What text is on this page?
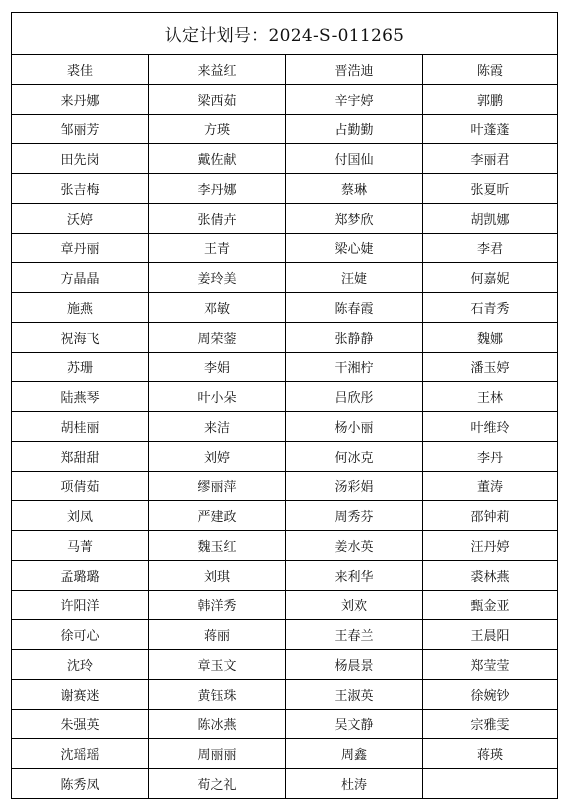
认定计划号：2024-S-011265
裘佳	来益红	晋浩迪	陈霞
来丹娜	梁西茹	辛宇婷	郭鹏
邹丽芳	方瑛	占勤勤	叶蓬蓬
田先岗	戴佐献	付国仙	李丽君
张吉梅	李丹娜	蔡琳	张夏昕
沃婷	张倩卉	郑梦欣	胡凯娜
章丹丽	王青	梁心婕	李君
方晶晶	姜玲美	汪婕	何嘉妮
施燕	邓敏	陈春霞	石青秀
祝海飞	周荣蓥	张静静	魏娜
苏珊	李娟	干湘柠	潘玉婷
陆燕琴	叶小朵	吕欣彤	王林
胡桂丽	来洁	杨小丽	叶维玲
郑甜甜	刘婷	何冰克	李丹
项倩茹	缪丽萍	汤彩娟	董涛
刘凤	严建政	周秀芬	邵钟莉
马菁	魏玉红	姜水英	汪丹婷
孟璐璐	刘琪	来利华	裘林燕
许阳洋	韩洋秀	刘欢	甄金亚
徐可心	蒋丽	王春兰	王晨阳
沈玲	章玉文	杨晨景	郑莹莹
谢赛迷	黄钰珠	王淑英	徐婉钞
朱强英	陈冰燕	吴文静	宗雅雯
沈瑶瑶	周丽丽	周鑫	蒋瑛
陈秀凤	荀之礼	杜涛
